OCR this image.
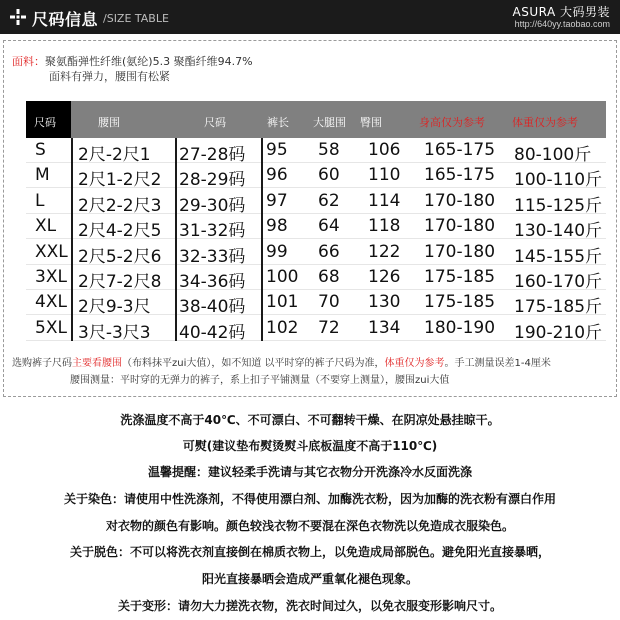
尺码信息 /SIZE TABLE	ASURA 大码男装
http://640yy.taobao.com
面料：聚氨酯弹性纤维(氨纶)5.3 聚酯纤维94.7%
面料有弹力，腰围有松紧
尺码	腰围	尺码	裤长 大腿围 臀围	身高仅为参考 体重仅为参考
S 2尺-2尺1 27-28码 95 58 106 165-175 80-100斤
M 2尺1-2尺2 28-29码 96 60 110 165-175 100-110斤
L 2尺2-2尺3 29-30码 97 62 114 170-180 115-125斤
XL 2尺4-2尺5 31-32码 98 64 118 170-180 130-140斤
XXL 2尺5-2尺6 32-33码 99 66 122 170-180 145-155斤
3XL 2尺7-2尺8 34-36码 100 68 126 175-185 160-170斤
4XL 2尺9-3尺 38-40码 101 70 130 175-185 175-185斤
5XL 3尺-3尺3 40-42码 102 72 134 180-190 190-210斤
选购裤子尺码主要看腰围（布料抹平zui大值），如不知道 以平时穿的裤子尺码为准，体重仅为参考。手工测量误差1-4厘米
腰围测量：平时穿的无弹力的裤子，系上扣子平铺测量（不要穿上测量），腰围zui大值
洗涤温度不高于40℃、不可漂白、不可翻转干燥、在阴凉处悬挂晾干。
可熨(建议垫布熨烫熨斗底板温度不高于110℃)
温馨提醒：建议轻柔手洗请与其它衣物分开洗涤冷水反面洗涤
关于染色：请使用中性洗涤剂，不得使用漂白剂、加酶洗衣粉，因为加酶的洗衣粉有漂白作用
对衣物的颜色有影响。颜色较浅衣物不要混在深色衣物洗以免造成衣服染色。
关于脱色：不可以将洗衣剂直接倒在棉质衣物上，以免造成局部脱色。避免阳光直接暴晒，
阳光直接暴晒会造成严重氧化褪色现象。
关于变形：请勿大力搓洗衣物，洗衣时间过久，以免衣服变形影响尺寸。
